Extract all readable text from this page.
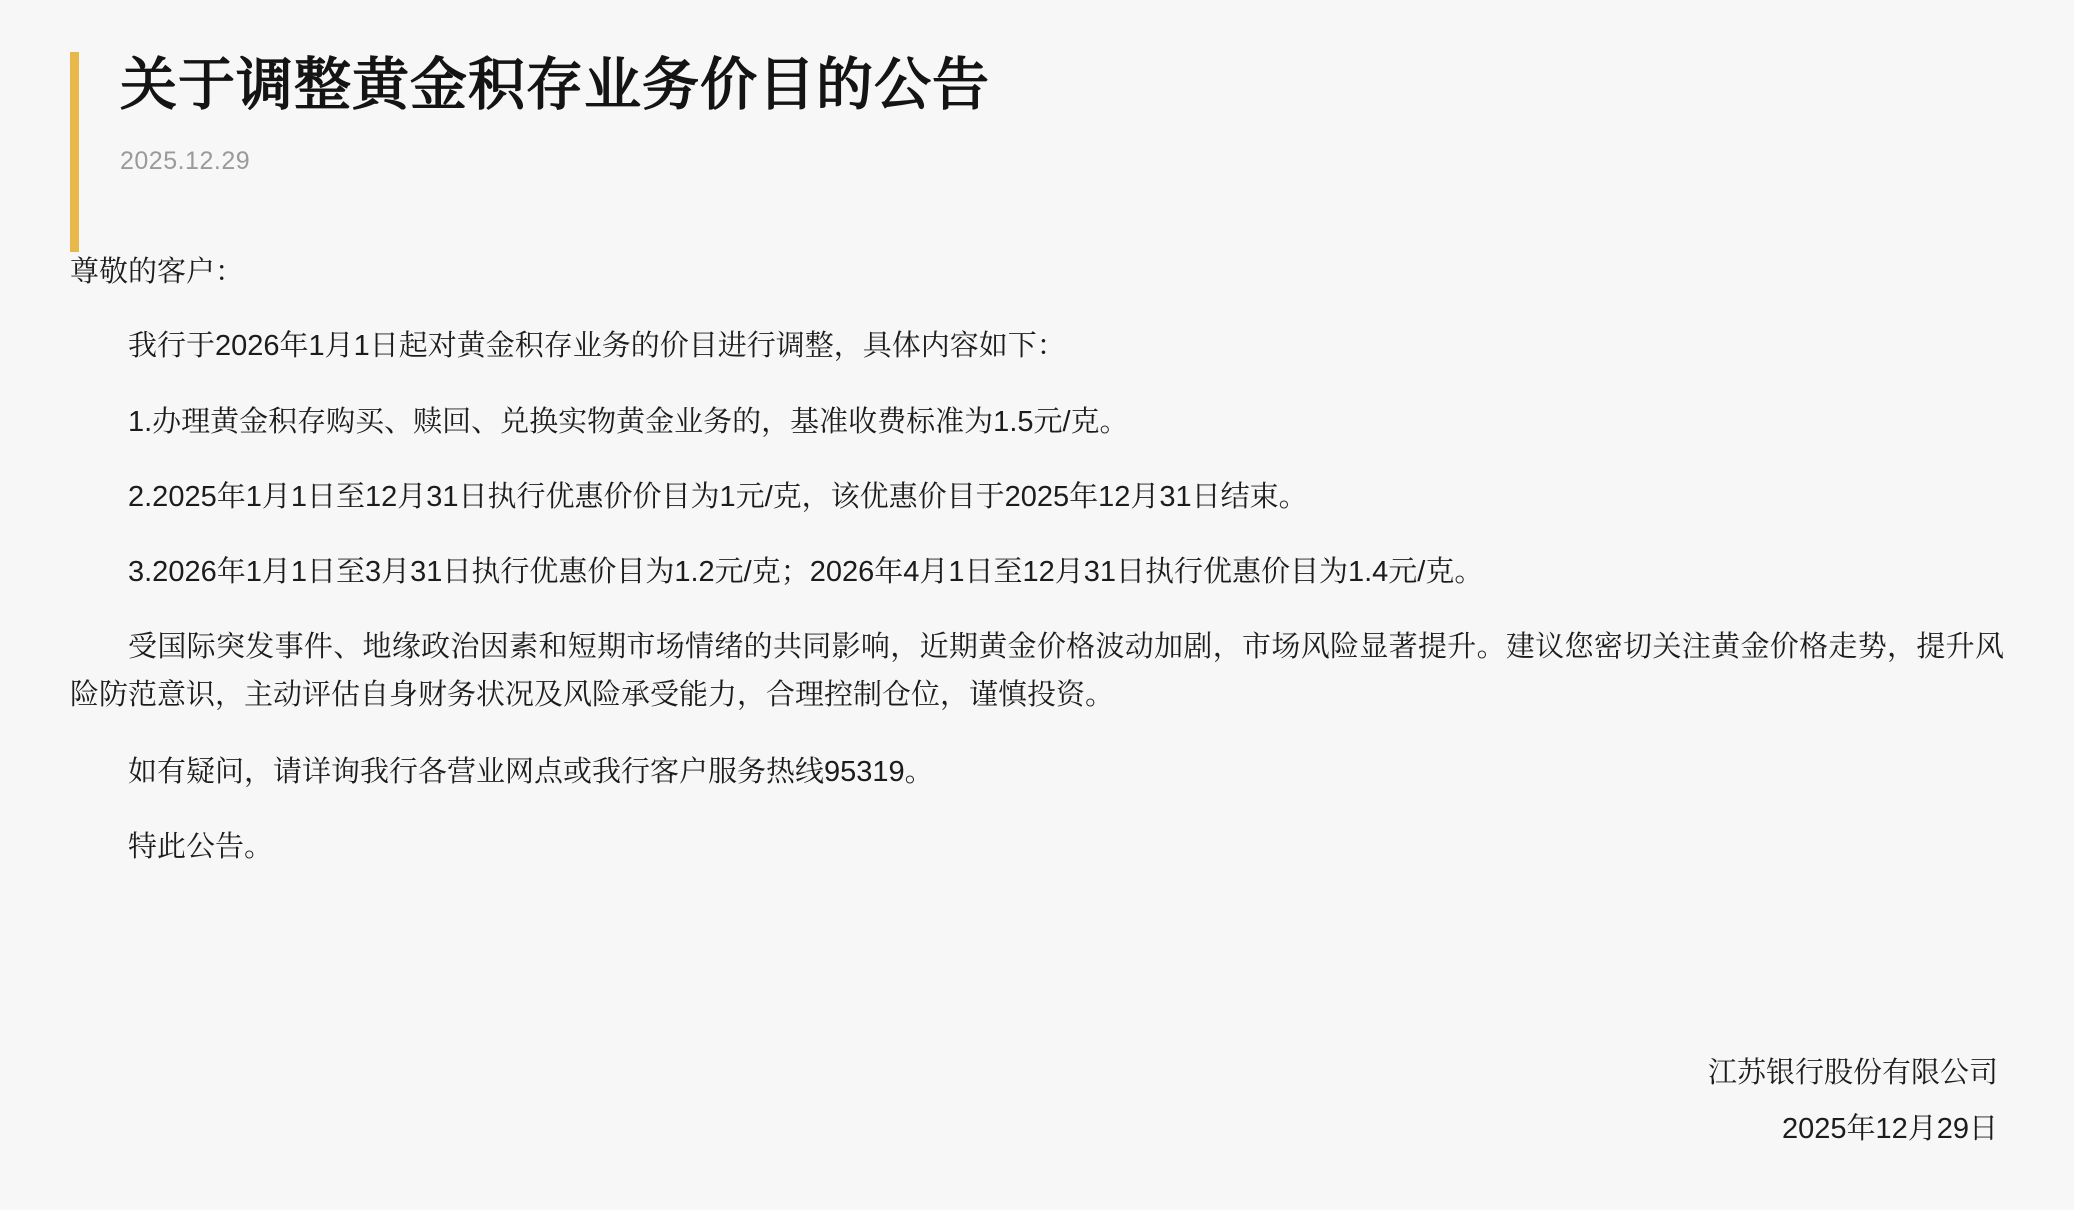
关于调整黄金积存业务价目的公告
2025.12.29
尊敬的客户：

我行于2026年1月1日起对黄金积存业务的价目进行调整，具体内容如下：

1.办理黄金积存购买、赎回、兑换实物黄金业务的，基准收费标准为1.5元/克。

2.2025年1月1日至12月31日执行优惠价价目为1元/克，该优惠价目于2025年12月31日结束。

3.2026年1月1日至3月31日执行优惠价目为1.2元/克；2026年4月1日至12月31日执行优惠价目为1.4元/克。

受国际突发事件、地缘政治因素和短期市场情绪的共同影响，近期黄金价格波动加剧，市场风险显著提升。建议您密切关注黄金价格走势，提升风险防范意识，主动评估自身财务状况及风险承受能力，合理控制仓位，谨慎投资。

如有疑问，请详询我行各营业网点或我行客户服务热线95319。

特此公告。

江苏银行股份有限公司
2025年12月29日
